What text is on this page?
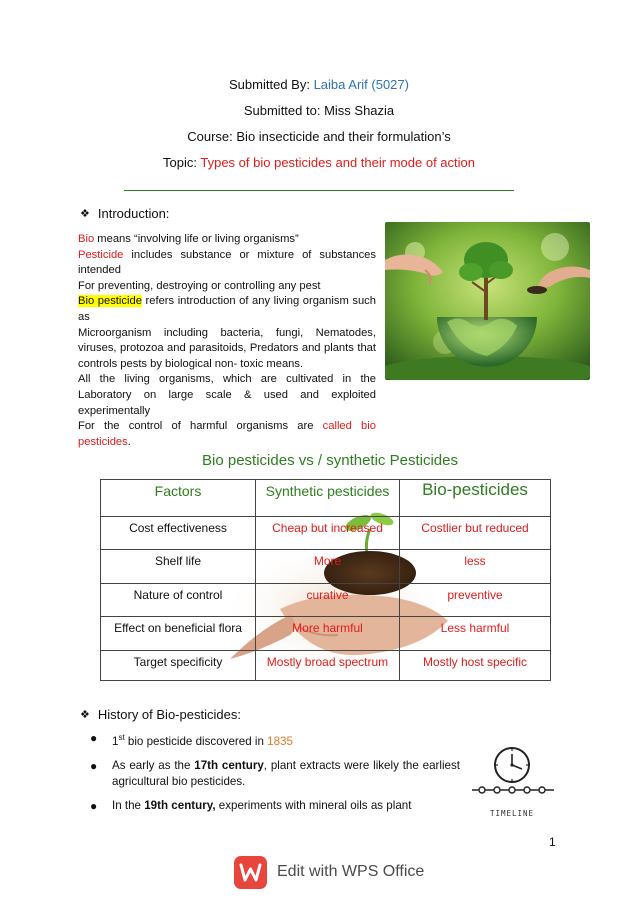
Submitted By: Laiba Arif (5027)
Submitted to: Miss Shazia
Course: Bio insecticide and their formulation’s
Topic: Types of bio pesticides and their mode of action
❖ Introduction:
Bio means “involving life or living organisms”
Pesticide includes substance or mixture of substances intended
For preventing, destroying or controlling any pest
Bio pesticide refers introduction of any living organism such as
Microorganism including bacteria, fungi, Nematodes, viruses, protozoa and parasitoids, Predators and plants that controls pests by biological non- toxic means.
All the living organisms, which are cultivated in the Laboratory on large scale & used and exploited experimentally
For the control of harmful organisms are called bio pesticides.
Bio pesticides vs / synthetic Pesticides
Factors	Synthetic pesticides	Bio-pesticides
Cost effectiveness	Cheap but increased	Costlier but reduced
Shelf life	More	less
Nature of control	curative	preventive
Effect on beneficial flora	More harmful	Less harmful
Target specificity	Mostly broad spectrum	Mostly host specific
❖ History of Bio-pesticides:
● 1st bio pesticide discovered in 1835
● As early as the 17th century, plant extracts were likely the earliest agricultural bio pesticides.
● In the 19th century, experiments with mineral oils as plant
TIMELINE
1
Edit with WPS Office
